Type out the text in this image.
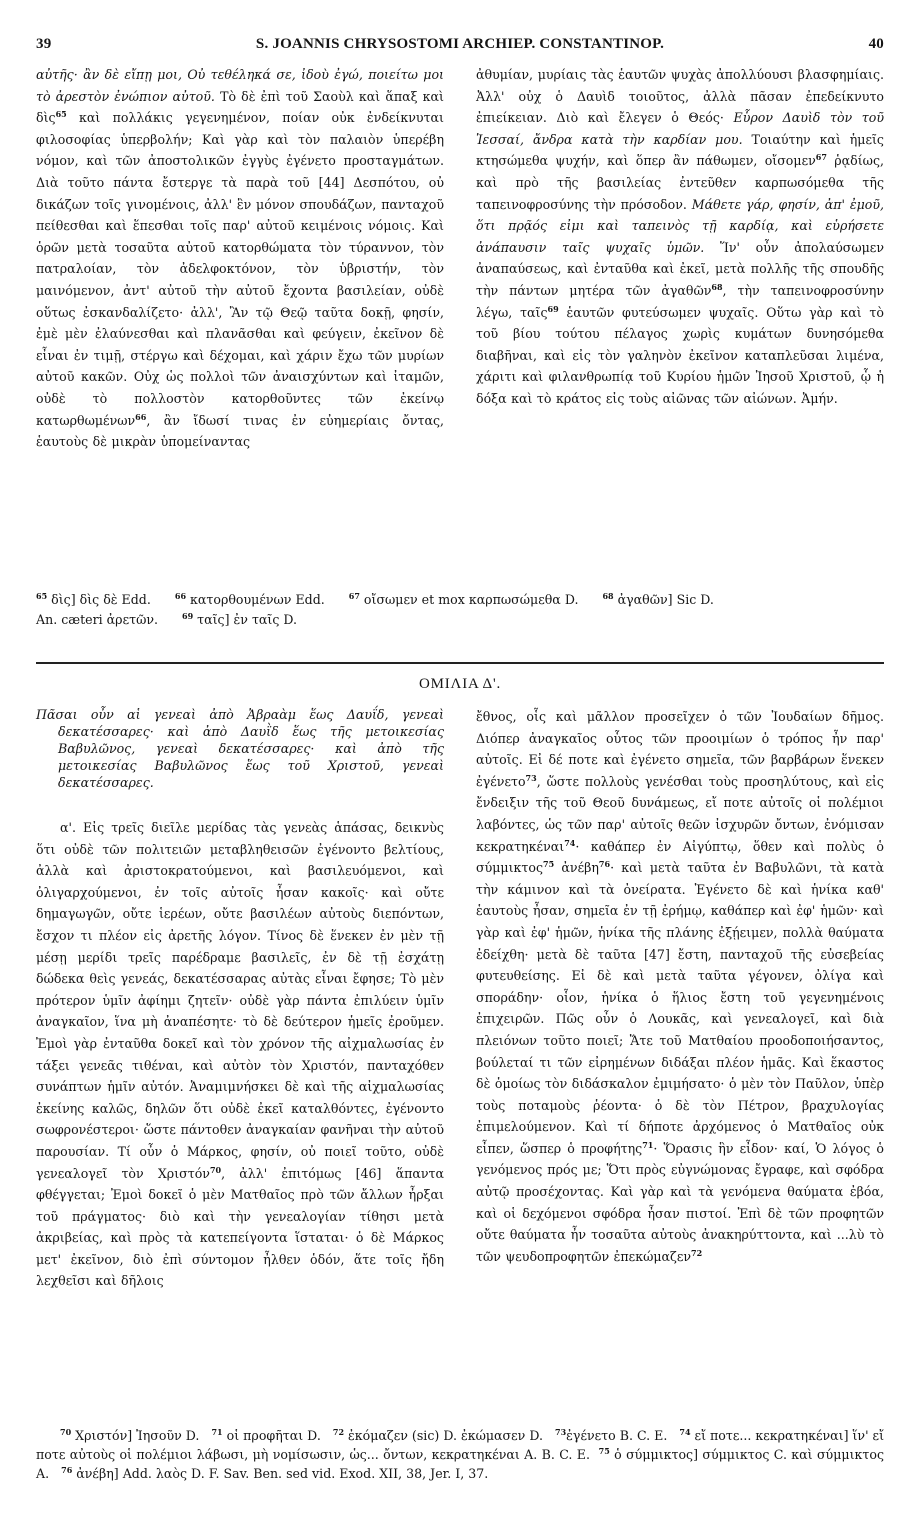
39	S. JOANNIS CHRYSOSTOMI ARCHIEP. CONSTANTINOP.	40

αὐτῆς· ἂν δὲ εἴπῃ μοι, Οὐ τεθέληκά σε, ἰδοὺ ἐγώ, ποιείτω μοι τὸ ἀρεστὸν ἐνώπιον αὐτοῦ. Τὸ δὲ ἐπὶ τοῦ Σαοὺλ καὶ ἅπαξ καὶ δὶς$^{65}$ καὶ πολλάκις γεγενημένον, ποίαν οὐκ ἐνδείκνυται φιλοσοφίας ὑπερβολήν; Καὶ γὰρ καὶ τὸν παλαιὸν ὑπερέβη νόμον, καὶ τῶν ἀποστολικῶν ἐγγὺς ἐγένετο προσταγμάτων. Διὰ τοῦτο πάντα ἔστεργε τὰ παρὰ τοῦ [44] Δεσπότου, οὐ δικάζων τοῖς γινομένοις, ἀλλ' ἓν μόνον σπουδάζων, πανταχοῦ πείθεσθαι καὶ ἕπεσθαι τοῖς παρ' αὐτοῦ κειμένοις νόμοις. Καὶ ὁρῶν μετὰ τοσαῦτα αὐτοῦ κατορθώματα τὸν τύραννον, τὸν πατραλοίαν, τὸν ἀδελφοκτόνον, τὸν ὑβριστήν, τὸν μαινόμενον, ἀντ' αὐτοῦ τὴν αὐτοῦ ἔχοντα βασιλείαν, οὐδὲ οὕτως ἐσκανδαλίζετο· ἀλλ', Ἂν τῷ Θεῷ ταῦτα δοκῇ, φησίν, ἐμὲ μὲν ἐλαύνεσθαι καὶ πλανᾶσθαι καὶ φεύγειν, ἐκεῖνον δὲ εἶναι ἐν τιμῇ, στέργω καὶ δέχομαι, καὶ χάριν ἔχω τῶν μυρίων αὐτοῦ κακῶν. Οὐχ ὡς πολλοὶ τῶν ἀναισχύντων καὶ ἰταμῶν, οὐδὲ τὸ πολλοστὸν κατορθοῦντες τῶν ἐκείνῳ κατωρθωμένων$^{66}$, ἂν ἴδωσί τινας ἐν εὐημερίαις ὄντας, ἑαυτοὺς δὲ μικρὰν ὑπομείναντας

ἀθυμίαν, μυρίαις τὰς ἑαυτῶν ψυχὰς ἀπολλύουσι βλασφημίαις. Ἀλλ' οὐχ ὁ Δαυὶδ τοιοῦτος, ἀλλὰ πᾶσαν ἐπεδείκνυτο ἐπιείκειαν. Διὸ καὶ ἔλεγεν ὁ Θεός· Εὗρον Δαυὶδ τὸν τοῦ Ἰεσσαί, ἄνδρα κατὰ τὴν καρδίαν μου. Τοιαύτην καὶ ἡμεῖς κτησώμεθα ψυχήν, καὶ ὅπερ ἂν πάθωμεν, οἴσομεν$^{67}$ ῥᾳδίως, καὶ πρὸ τῆς βασιλείας ἐντεῦθεν καρπωσόμεθα τῆς ταπεινοφροσύνης τὴν πρόσοδον. Μάθετε γάρ, φησίν, ἀπ' ἐμοῦ, ὅτι πρᾷός εἰμι καὶ ταπεινὸς τῇ καρδίᾳ, καὶ εὑρήσετε ἀνάπαυσιν ταῖς ψυχαῖς ὑμῶν. Ἵν' οὖν ἀπολαύσωμεν ἀναπαύσεως, καὶ ἐνταῦθα καὶ ἐκεῖ, μετὰ πολλῆς τῆς σπουδῆς τὴν πάντων μητέρα τῶν ἀγαθῶν$^{68}$, τὴν ταπεινοφροσύνην λέγω, ταῖς$^{69}$ ἑαυτῶν φυτεύσωμεν ψυχαῖς. Οὕτω γὰρ καὶ τὸ τοῦ βίου τούτου πέλαγος χωρὶς κυμάτων δυνησόμεθα διαβῆναι, καὶ εἰς τὸν γαληνὸν ἐκεῖνον καταπλεῦσαι λιμένα, χάριτι καὶ φιλανθρωπίᾳ τοῦ Κυρίου ἡμῶν Ἰησοῦ Χριστοῦ, ᾧ ἡ δόξα καὶ τὸ κράτος εἰς τοὺς αἰῶνας τῶν αἰώνων. Ἀμήν.

$^{65}$ δὶς] δὶς δὲ Edd.	$^{66}$ κατορθουμένων Edd.	$^{67}$ οἴσωμεν et mox καρπωσώμεθα D.	$^{68}$ ἀγαθῶν] Sic D.
An. cæteri ἀρετῶν.	$^{69}$ ταῖς] ἐν ταῖς D.
ΟΜΙΛΙΑ Δ'.

Πᾶσαι οὖν αἱ γενεαὶ ἀπὸ Ἀβραὰμ ἕως Δαυΐδ, γενεαὶ δεκατέσσαρες· καὶ ἀπὸ Δαυῒδ ἕως τῆς μετοικεσίας Βαβυλῶνος, γενεαὶ δεκατέσσαρες· καὶ ἀπὸ τῆς μετοικεσίας Βαβυλῶνος ἕως τοῦ Χριστοῦ, γενεαὶ δεκατέσσαρες.

α'. Εἰς τρεῖς διεῖλε μερίδας τὰς γενεὰς ἁπάσας, δεικνὺς ὅτι οὐδὲ τῶν πολιτειῶν μεταβληθεισῶν ἐγένοντο βελτίους, ἀλλὰ καὶ ἀριστοκρατούμενοι, καὶ βασιλευόμενοι, καὶ ὀλιγαρχούμενοι, ἐν τοῖς αὐτοῖς ἦσαν κακοῖς· καὶ οὔτε δημαγωγῶν, οὔτε ἱερέων, οὔτε βασιλέων αὐτοὺς διεπόντων, ἔσχον τι πλέον εἰς ἀρετῆς λόγον. Τίνος δὲ ἕνεκεν ἐν μὲν τῇ μέσῃ μερίδι τρεῖς παρέδραμε βασιλεῖς, ἐν δὲ τῇ ἐσχάτῃ δώδεκα θεὶς γενεάς, δεκατέσσαρας αὐτὰς εἶναι ἔφησε; Τὸ μὲν πρότερον ὑμῖν ἀφίημι ζητεῖν· οὐδὲ γὰρ πάντα ἐπιλύειν ὑμῖν ἀναγκαῖον, ἵνα μὴ ἀναπέσητε· τὸ δὲ δεύτερον ἡμεῖς ἐροῦμεν. Ἐμοὶ γὰρ ἐνταῦθα δοκεῖ καὶ τὸν χρόνον τῆς αἰχμαλωσίας ἐν τάξει γενεᾶς τιθέναι, καὶ αὐτὸν τὸν Χριστόν, πανταχόθεν συνάπτων ἡμῖν αὐτόν. Ἀναμιμνήσκει δὲ καὶ τῆς αἰχμαλωσίας ἐκείνης καλῶς, δηλῶν ὅτι οὐδὲ ἐκεῖ καταλθόντες, ἐγένοντο σωφρονέστεροι· ὥστε πάντοθεν ἀναγκαίαν φανῆναι τὴν αὐτοῦ παρουσίαν. Τί οὖν ὁ Μάρκος, φησίν, οὐ ποιεῖ τοῦτο, οὐδὲ γενεαλογεῖ τὸν Χριστόν$^{70}$, ἀλλ' ἐπιτόμως [46] ἅπαντα φθέγγεται; Ἐμοὶ δοκεῖ ὁ μὲν Ματθαῖος πρὸ τῶν ἄλλων ἦρξαι τοῦ πράγματος· διὸ καὶ τὴν γενεαλογίαν τίθησι μετὰ ἀκριβείας, καὶ πρὸς τὰ κατεπείγοντα ἵσταται· ὁ δὲ Μάρκος μετ' ἐκεῖνον, διὸ ἐπὶ σύντομον ἦλθεν ὁδόν, ἅτε τοῖς ἤδη λεχθεῖσι καὶ δῆλοις

ἔθνος, οἷς καὶ μᾶλλον προσεῖχεν ὁ τῶν Ἰουδαίων δῆμος. Διόπερ ἀναγκαῖος οὗτος τῶν προοιμίων ὁ τρόπος ἦν παρ' αὐτοῖς. Εἰ δέ ποτε καὶ ἐγένετο σημεῖα, τῶν βαρβάρων ἕνεκεν ἐγένετο$^{73}$, ὥστε πολλοὺς γενέσθαι τοὺς προσηλύτους, καὶ εἰς ἔνδειξιν τῆς τοῦ Θεοῦ δυνάμεως, εἴ ποτε αὐτοῖς οἱ πολέμιοι λαβόντες, ὡς τῶν παρ' αὐτοῖς θεῶν ἰσχυρῶν ὄντων, ἐνόμισαν κεκρατηκέναι$^{74}$· καθάπερ ἐν Αἰγύπτῳ, ὅθεν καὶ πολὺς ὁ σύμμικτος$^{75}$ ἀνέβη$^{76}$· καὶ μετὰ ταῦτα ἐν Βαβυλῶνι, τὰ κατὰ τὴν κάμινον καὶ τὰ ὀνείρατα. Ἐγένετο δὲ καὶ ἡνίκα καθ' ἑαυτοὺς ἦσαν, σημεῖα ἐν τῇ ἐρήμῳ, καθάπερ καὶ ἐφ' ἡμῶν· καὶ γὰρ καὶ ἐφ' ἡμῶν, ἡνίκα τῆς πλάνης ἐξῄειμεν, πολλὰ θαύματα ἐδείχθη· μετὰ δὲ ταῦτα [47] ἔστη, πανταχοῦ τῆς εὐσεβείας φυτευθείσης. Εἰ δὲ καὶ μετὰ ταῦτα γέγονεν, ὀλίγα καὶ σποράδην· οἷον, ἡνίκα ὁ ἥλιος ἔστη τοῦ γεγενημένοις ἐπιχειρῶν. Πῶς οὖν ὁ Λουκᾶς, καὶ γενεαλογεῖ, καὶ διὰ πλειόνων τοῦτο ποιεῖ; Ἅτε τοῦ Ματθαίου προοδοποιήσαντος, βούλεταί τι τῶν εἰρημένων διδάξαι πλέον ἡμᾶς. Καὶ ἕκαστος δὲ ὁμοίως τὸν διδάσκαλον ἐμιμήσατο· ὁ μὲν τὸν Παῦλον, ὑπὲρ τοὺς ποταμοὺς ῥέοντα· ὁ δὲ τὸν Πέτρον, βραχυλογίας ἐπιμελούμενον. Καὶ τί δήποτε ἀρχόμενος ὁ Ματθαῖος οὐκ εἶπεν, ὥσπερ ὁ προφήτης$^{71}$· Ὅρασις ἣν εἶδον· καί, Ὁ λόγος ὁ γενόμενος πρός με; Ὅτι πρὸς εὐγνώμονας ἔγραφε, καὶ σφόδρα αὐτῷ προσέχοντας. Καὶ γὰρ καὶ τὰ γενόμενα θαύματα ἐβόα, καὶ οἱ δεχόμενοι σφόδρα ἦσαν πιστοί. Ἐπὶ δὲ τῶν προφητῶν οὔτε θαύματα ἦν τοσαῦτα αὐτοὺς ἀνακηρύττοντα, καὶ ...λὺ τὸ τῶν ψευδοπροφητῶν ἐπεκώμαζεν$^{72}$

$^{70}$ Χριστόν] Ἰησοῦν D. $^{71}$ οἱ προφῆται D. $^{72}$ ἐκόμαζεν (sic) D. ἐκώμασεν D. $^{73}$ἐγένετο B. C. E. $^{74}$ εἴ ποτε... κεκρατηκέναι] ἵν' εἴ ποτε αὐτοὺς οἱ πολέμιοι λάβωσι, μὴ νομίσωσιν, ὡς... ὄντων, κεκρατηκέναι A. B. C. E. $^{75}$ ὁ σύμμικτος] σύμμικτος C. καὶ σύμμικτος A. $^{76}$ ἀνέβη] Add. λαὸς D. F. Sav. Ben. sed vid. Exod. XII, 38, Jer. I, 37.
